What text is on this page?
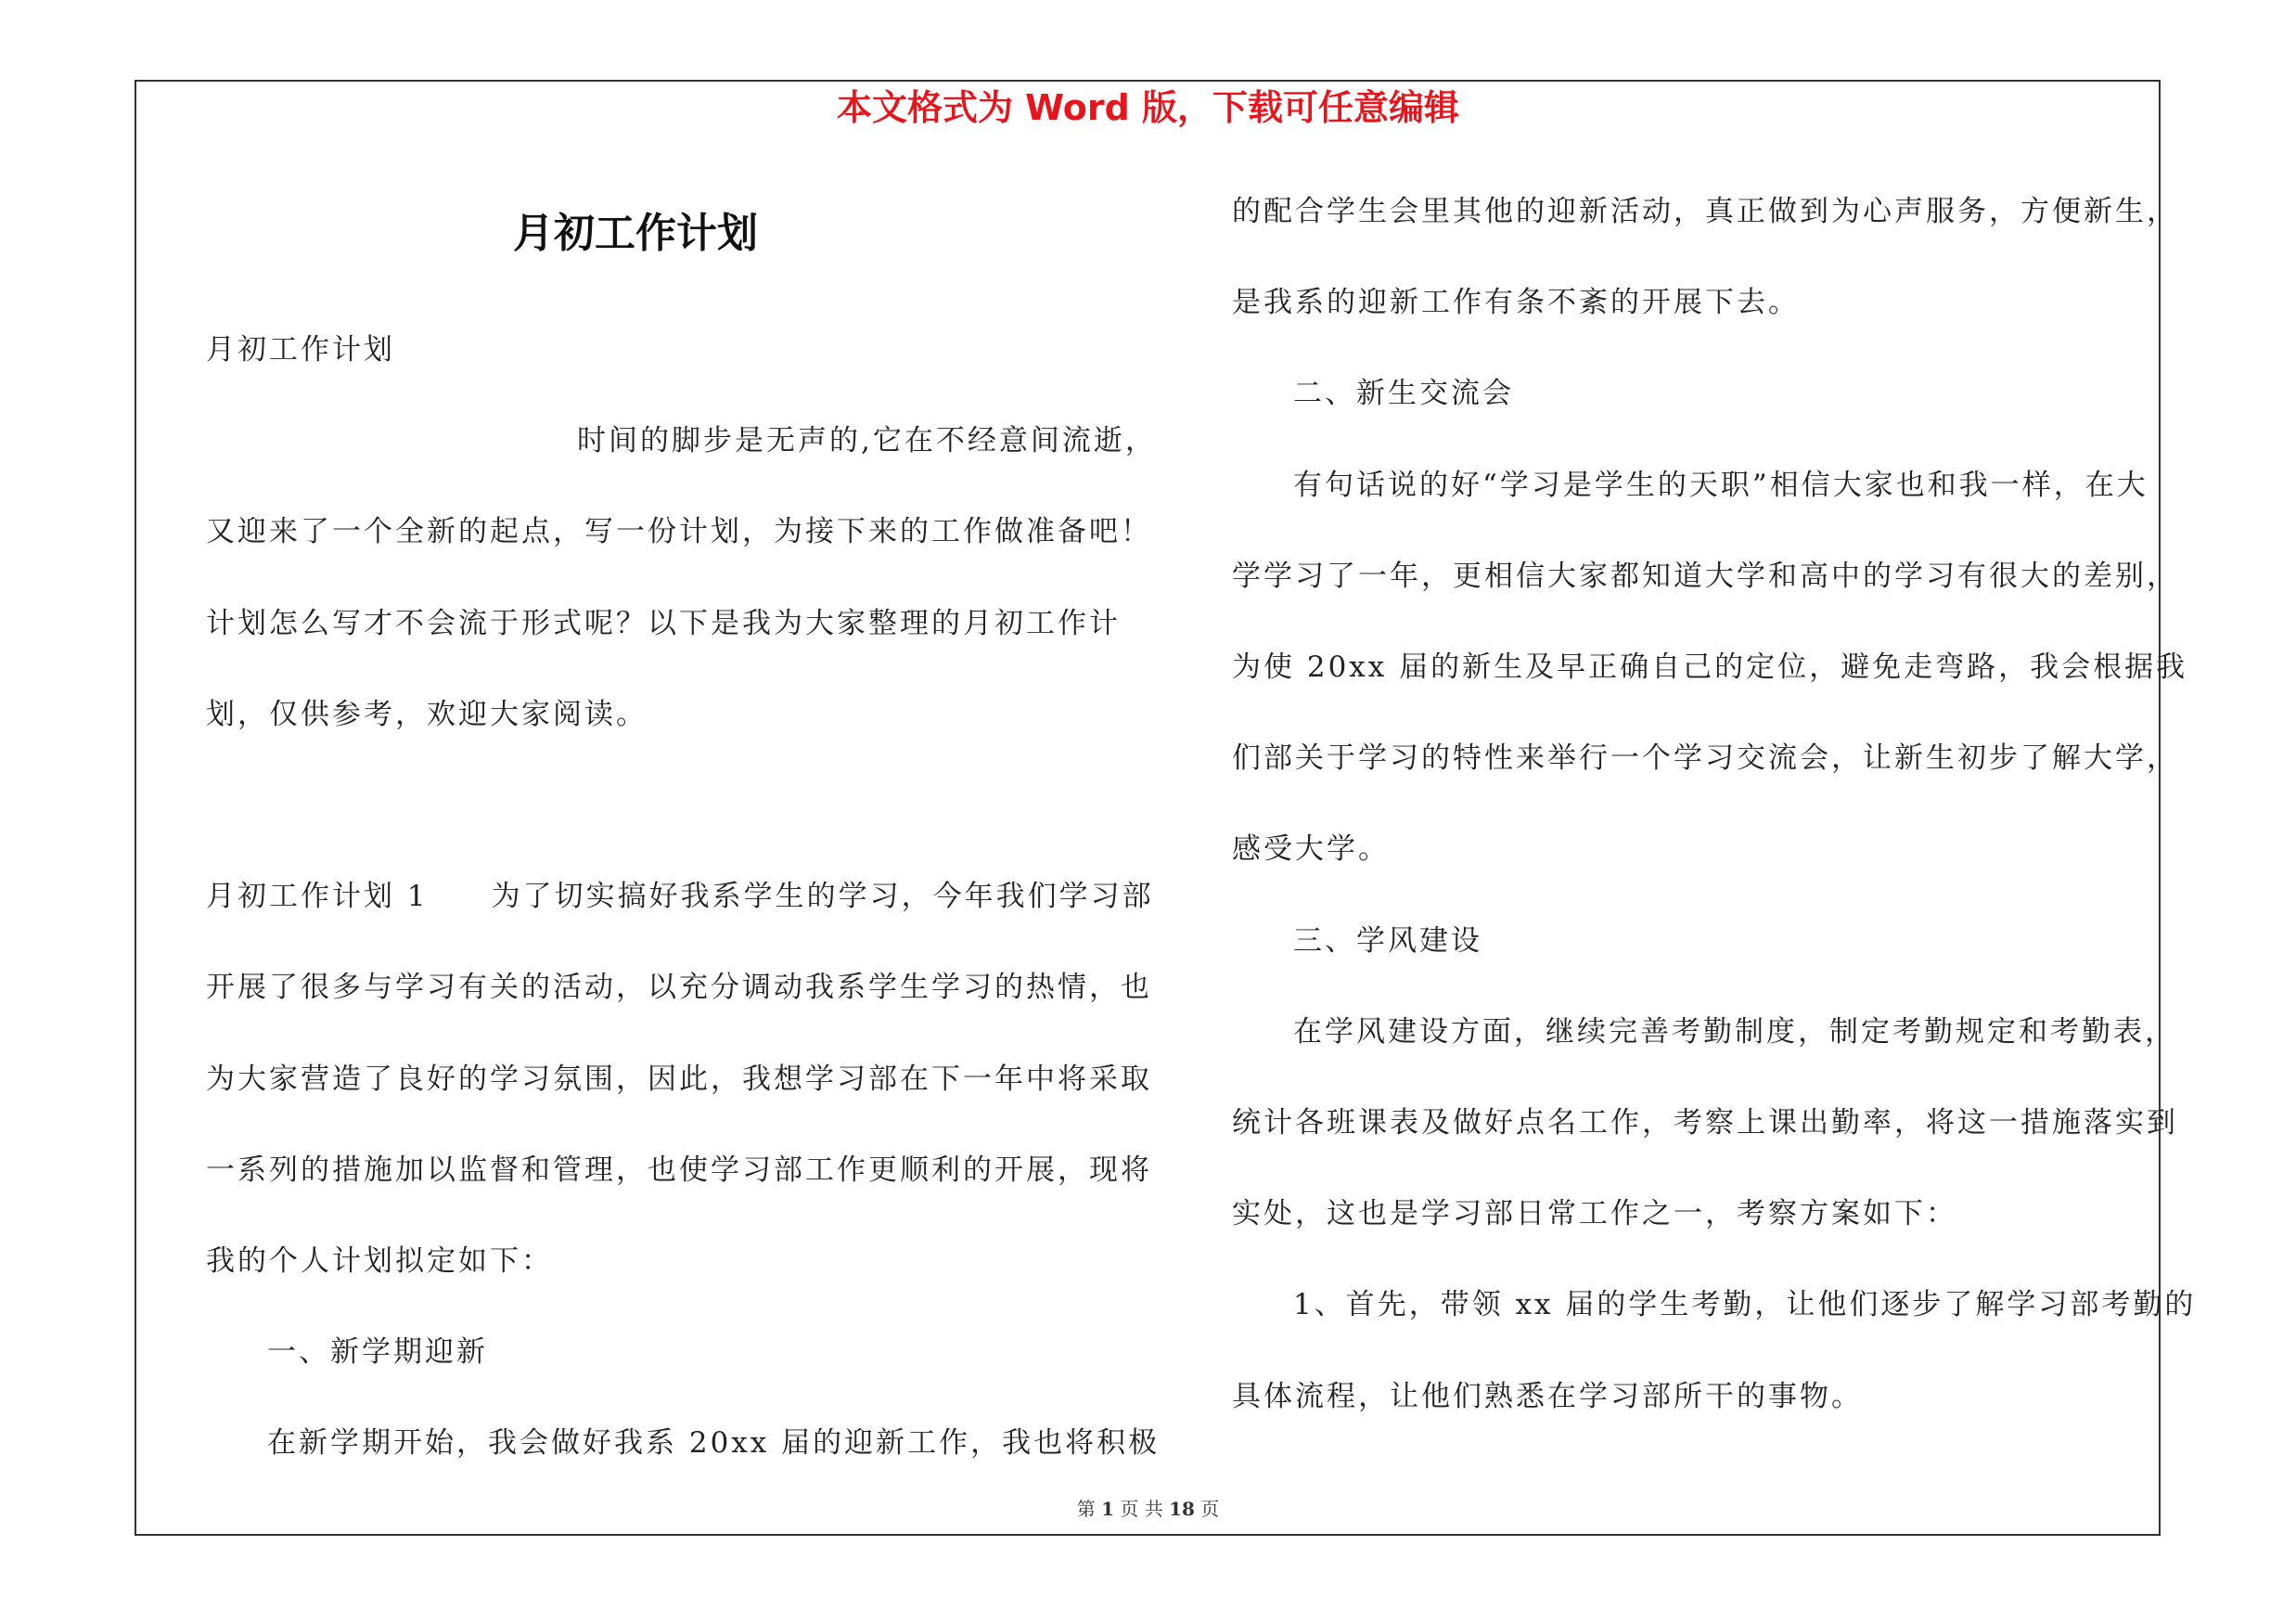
本文格式为 Word 版，下载可任意编辑
月初工作计划
月初工作计划
时间的脚步是无声的,它在不经意间流逝，
又迎来了一个全新的起点，写一份计划，为接下来的工作做准备吧！
计划怎么写才不会流于形式呢？以下是我为大家整理的月初工作计
划，仅供参考，欢迎大家阅读。
月初工作计划 1　　为了切实搞好我系学生的学习，今年我们学习部
开展了很多与学习有关的活动，以充分调动我系学生学习的热情，也
为大家营造了良好的学习氛围，因此，我想学习部在下一年中将采取
一系列的措施加以监督和管理，也使学习部工作更顺利的开展，现将
我的个人计划拟定如下：
一、新学期迎新
在新学期开始，我会做好我系 20xx 届的迎新工作，我也将积极
的配合学生会里其他的迎新活动，真正做到为心声服务，方便新生，
是我系的迎新工作有条不紊的开展下去。
二、新生交流会
有句话说的好“学习是学生的天职”相信大家也和我一样，在大
学学习了一年，更相信大家都知道大学和高中的学习有很大的差别，
为使 20xx 届的新生及早正确自己的定位，避免走弯路，我会根据我
们部关于学习的特性来举行一个学习交流会，让新生初步了解大学，
感受大学。
三、学风建设
在学风建设方面，继续完善考勤制度，制定考勤规定和考勤表，
统计各班课表及做好点名工作，考察上课出勤率，将这一措施落实到
实处，这也是学习部日常工作之一，考察方案如下：
1、首先，带领 xx 届的学生考勤，让他们逐步了解学习部考勤的
具体流程，让他们熟悉在学习部所干的事物。
第 1 页 共 18 页
